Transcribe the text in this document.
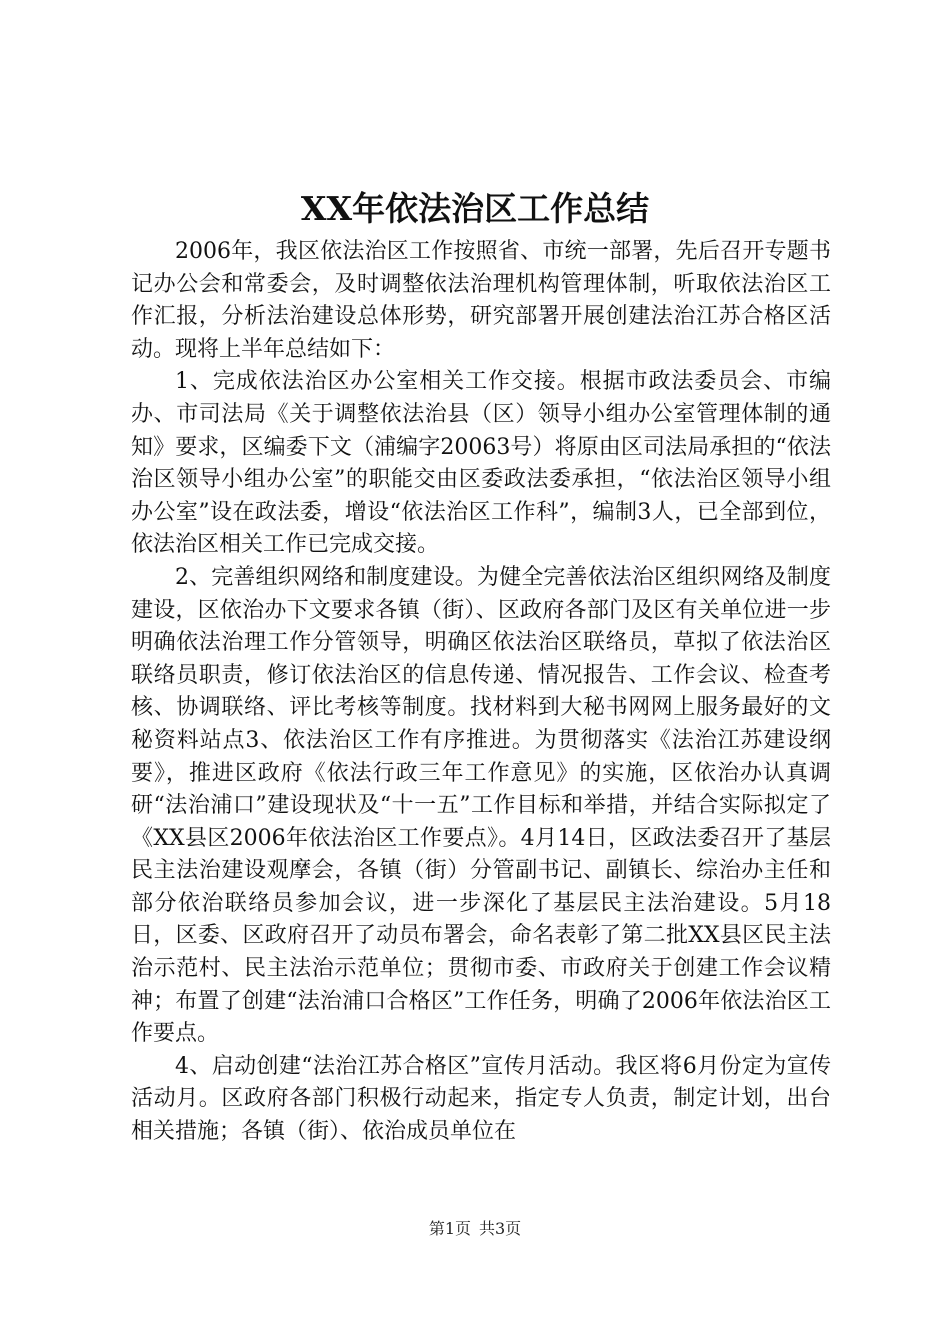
XX年依法治区工作总结

2006年，我区依法治区工作按照省、市统一部署，先后召开专题书记办公会和常委会，及时调整依法治理机构管理体制，听取依法治区工作汇报，分析法治建设总体形势，研究部署开展创建法治江苏合格区活动。现将上半年总结如下：

1、完成依法治区办公室相关工作交接。根据市政法委员会、市编办、市司法局《关于调整依法治县（区）领导小组办公室管理体制的通知》要求，区编委下文（浦编字20063号）将原由区司法局承担的“依法治区领导小组办公室”的职能交由区委政法委承担，“依法治区领导小组办公室”设在政法委，增设“依法治区工作科”，编制3人，已全部到位，依法治区相关工作已完成交接。

2、完善组织网络和制度建设。为健全完善依法治区组织网络及制度建设，区依治办下文要求各镇（街）、区政府各部门及区有关单位进一步明确依法治理工作分管领导，明确区依法治区联络员，草拟了依法治区联络员职责，修订依法治区的信息传递、情况报告、工作会议、检查考核、协调联络、评比考核等制度。找材料到大秘书网网上服务最好的文秘资料站点3、依法治区工作有序推进。为贯彻落实《法治江苏建设纲要》，推进区政府《依法行政三年工作意见》的实施，区依治办认真调研“法治浦口”建设现状及“十一五”工作目标和举措，并结合实际拟定了《XX县区2006年依法治区工作要点》。4月14日，区政法委召开了基层民主法治建设观摩会，各镇（街）分管副书记、副镇长、综治办主任和部分依治联络员参加会议，进一步深化了基层民主法治建设。5月18日，区委、区政府召开了动员布署会，命名表彰了第二批XX县区民主法治示范村、民主法治示范单位；贯彻市委、市政府关于创建工作会议精神；布置了创建“法治浦口合格区”工作任务，明确了2006年依法治区工作要点。

4、启动创建“法治江苏合格区”宣传月活动。我区将6月份定为宣传活动月。区政府各部门积极行动起来，指定专人负责，制定计划，出台相关措施；各镇（街）、依治成员单位在

第1页 共3页
